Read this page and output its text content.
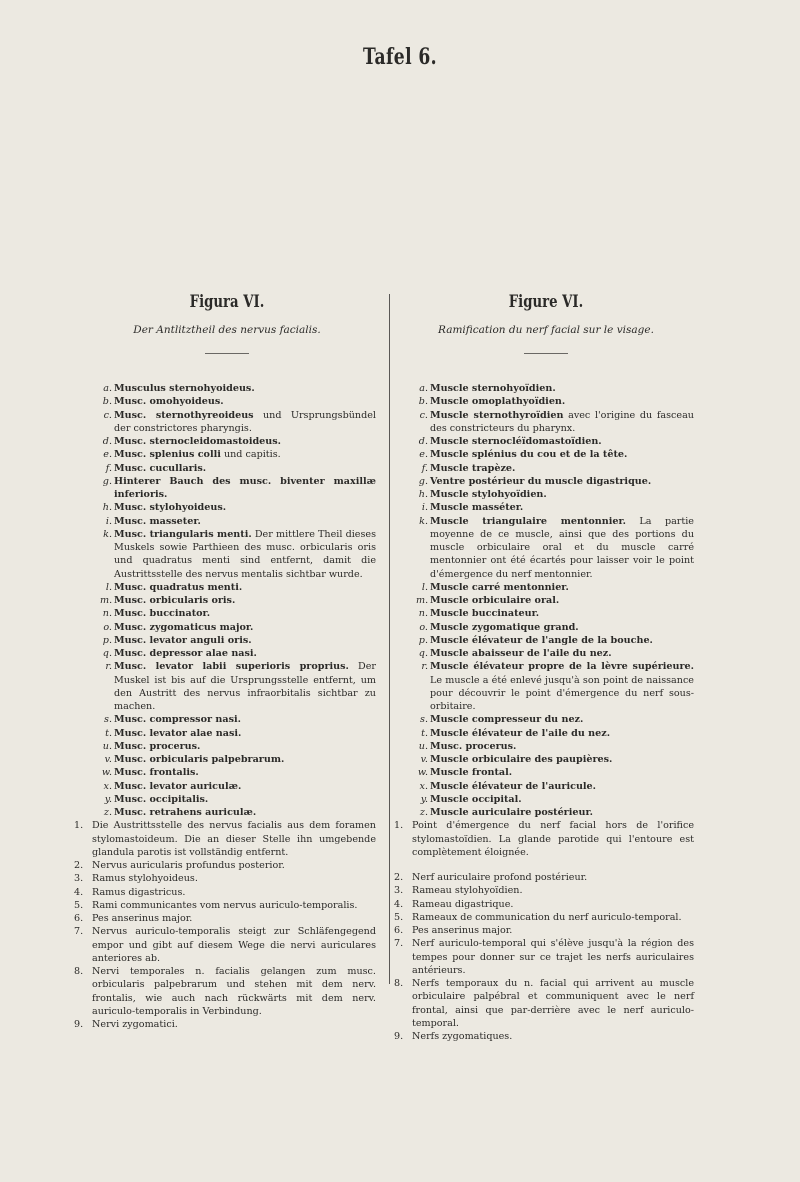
Tafel 6.
Figura VI.
Der Antlitztheil des nervus facialis.
a. Musculus sternohyoideus.
b. Musc. omohyoideus.
c. Musc. sternothyreoideus und Ursprungsbündel der constrictores pharyngis.
d. Musc. sternocleidomastoideus.
e. Musc. splenius colli und capitis.
f. Musc. cucullaris.
g. Hinterer Bauch des musc. biventer maxillæ inferioris.
h. Musc. stylohyoideus.
i. Musc. masseter.
k. Musc. triangularis menti. Der mittlere Theil dieses Muskels sowie Parthieen des musc. orbicularis oris und quadratus menti sind entfernt, damit die Austrittsstelle des nervus mentalis sichtbar wurde.
l. Musc. quadratus menti.
m. Musc. orbicularis oris.
n. Musc. buccinator.
o. Musc. zygomaticus major.
p. Musc. levator anguli oris.
q. Musc. depressor alae nasi.
r. Musc. levator labii superioris proprius. Der Muskel ist bis auf die Ursprungsstelle entfernt, um den Austritt des nervus infraorbitalis sichtbar zu machen.
s. Musc. compressor nasi.
t. Musc. levator alae nasi.
u. Musc. procerus.
v. Musc. orbicularis palpebrarum.
w. Musc. frontalis.
x. Musc. levator auriculæ.
y. Musc. occipitalis.
z. Musc. retrahens auriculæ.
1. Die Austrittsstelle des nervus facialis aus dem foramen stylomastoideum. Die an dieser Stelle ihn umgebende glandula parotis ist vollständig entfernt.
2. Nervus auricularis profundus posterior.
3. Ramus stylohyoideus.
4. Ramus digastricus.
5. Rami communicantes vom nervus auriculo-temporalis.
6. Pes anserinus major.
7. Nervus auriculo-temporalis steigt zur Schläfengegend empor und gibt auf diesem Wege die nervi auriculares anteriores ab.
8. Nervi temporales n. facialis gelangen zum musc. orbicularis palpebrarum und stehen mit dem nerv. frontalis, wie auch nach rückwärts mit dem nerv. auriculo-temporalis in Verbindung.
9. Nervi zygomatici.
Figure VI.
Ramification du nerf facial sur le visage.
a. Muscle sternohyoïdien.
b. Muscle omoplathyoïdien.
c. Muscle sternothyroïdien avec l'origine du fasceau des constricteurs du pharynx.
d. Muscle sternocléïdomastoïdien.
e. Muscle splénius du cou et de la tête.
f. Muscle trapèze.
g. Ventre postérieur du muscle digastrique.
h. Muscle stylohyoïdien.
i. Muscle masséter.
k. Muscle triangulaire mentonnier. La partie moyenne de ce muscle, ainsi que des portions du muscle orbiculaire oral et du muscle carré mentonnier ont été écartés pour laisser voir le point d'émergence du nerf mentonnier.
l. Muscle carré mentonnier.
m. Muscle orbiculaire oral.
n. Muscle buccinateur.
o. Muscle zygomatique grand.
p. Muscle élévateur de l'angle de la bouche.
q. Muscle abaisseur de l'aile du nez.
r. Muscle élévateur propre de la lèvre supérieure. Le muscle a été enlevé jusqu'à son point de naissance pour découvrir le point d'émergence du nerf sous-orbitaire.
s. Muscle compresseur du nez.
t. Muscle élévateur de l'aile du nez.
u. Musc. procerus.
v. Muscle orbiculaire des paupières.
w. Muscle frontal.
x. Muscle élévateur de l'auricule.
y. Muscle occipital.
z. Muscle auriculaire postérieur.
1. Point d'émergence du nerf facial hors de l'orifice stylomastoïdien. La glande parotide qui l'entoure est complètement éloignée.
2. Nerf auriculaire profond postérieur.
3. Rameau stylohyoïdien.
4. Rameau digastrique.
5. Rameaux de communication du nerf auriculo-temporal.
6. Pes anserinus major.
7. Nerf auriculo-temporal qui s'élève jusqu'à la région des tempes pour donner sur ce trajet les nerfs auriculaires antérieurs.
8. Nerfs temporaux du n. facial qui arrivent au muscle orbiculaire palpébral et communiquent avec le nerf frontal, ainsi que par-derrière avec le nerf auriculo-temporal.
9. Nerfs zygomatiques.
